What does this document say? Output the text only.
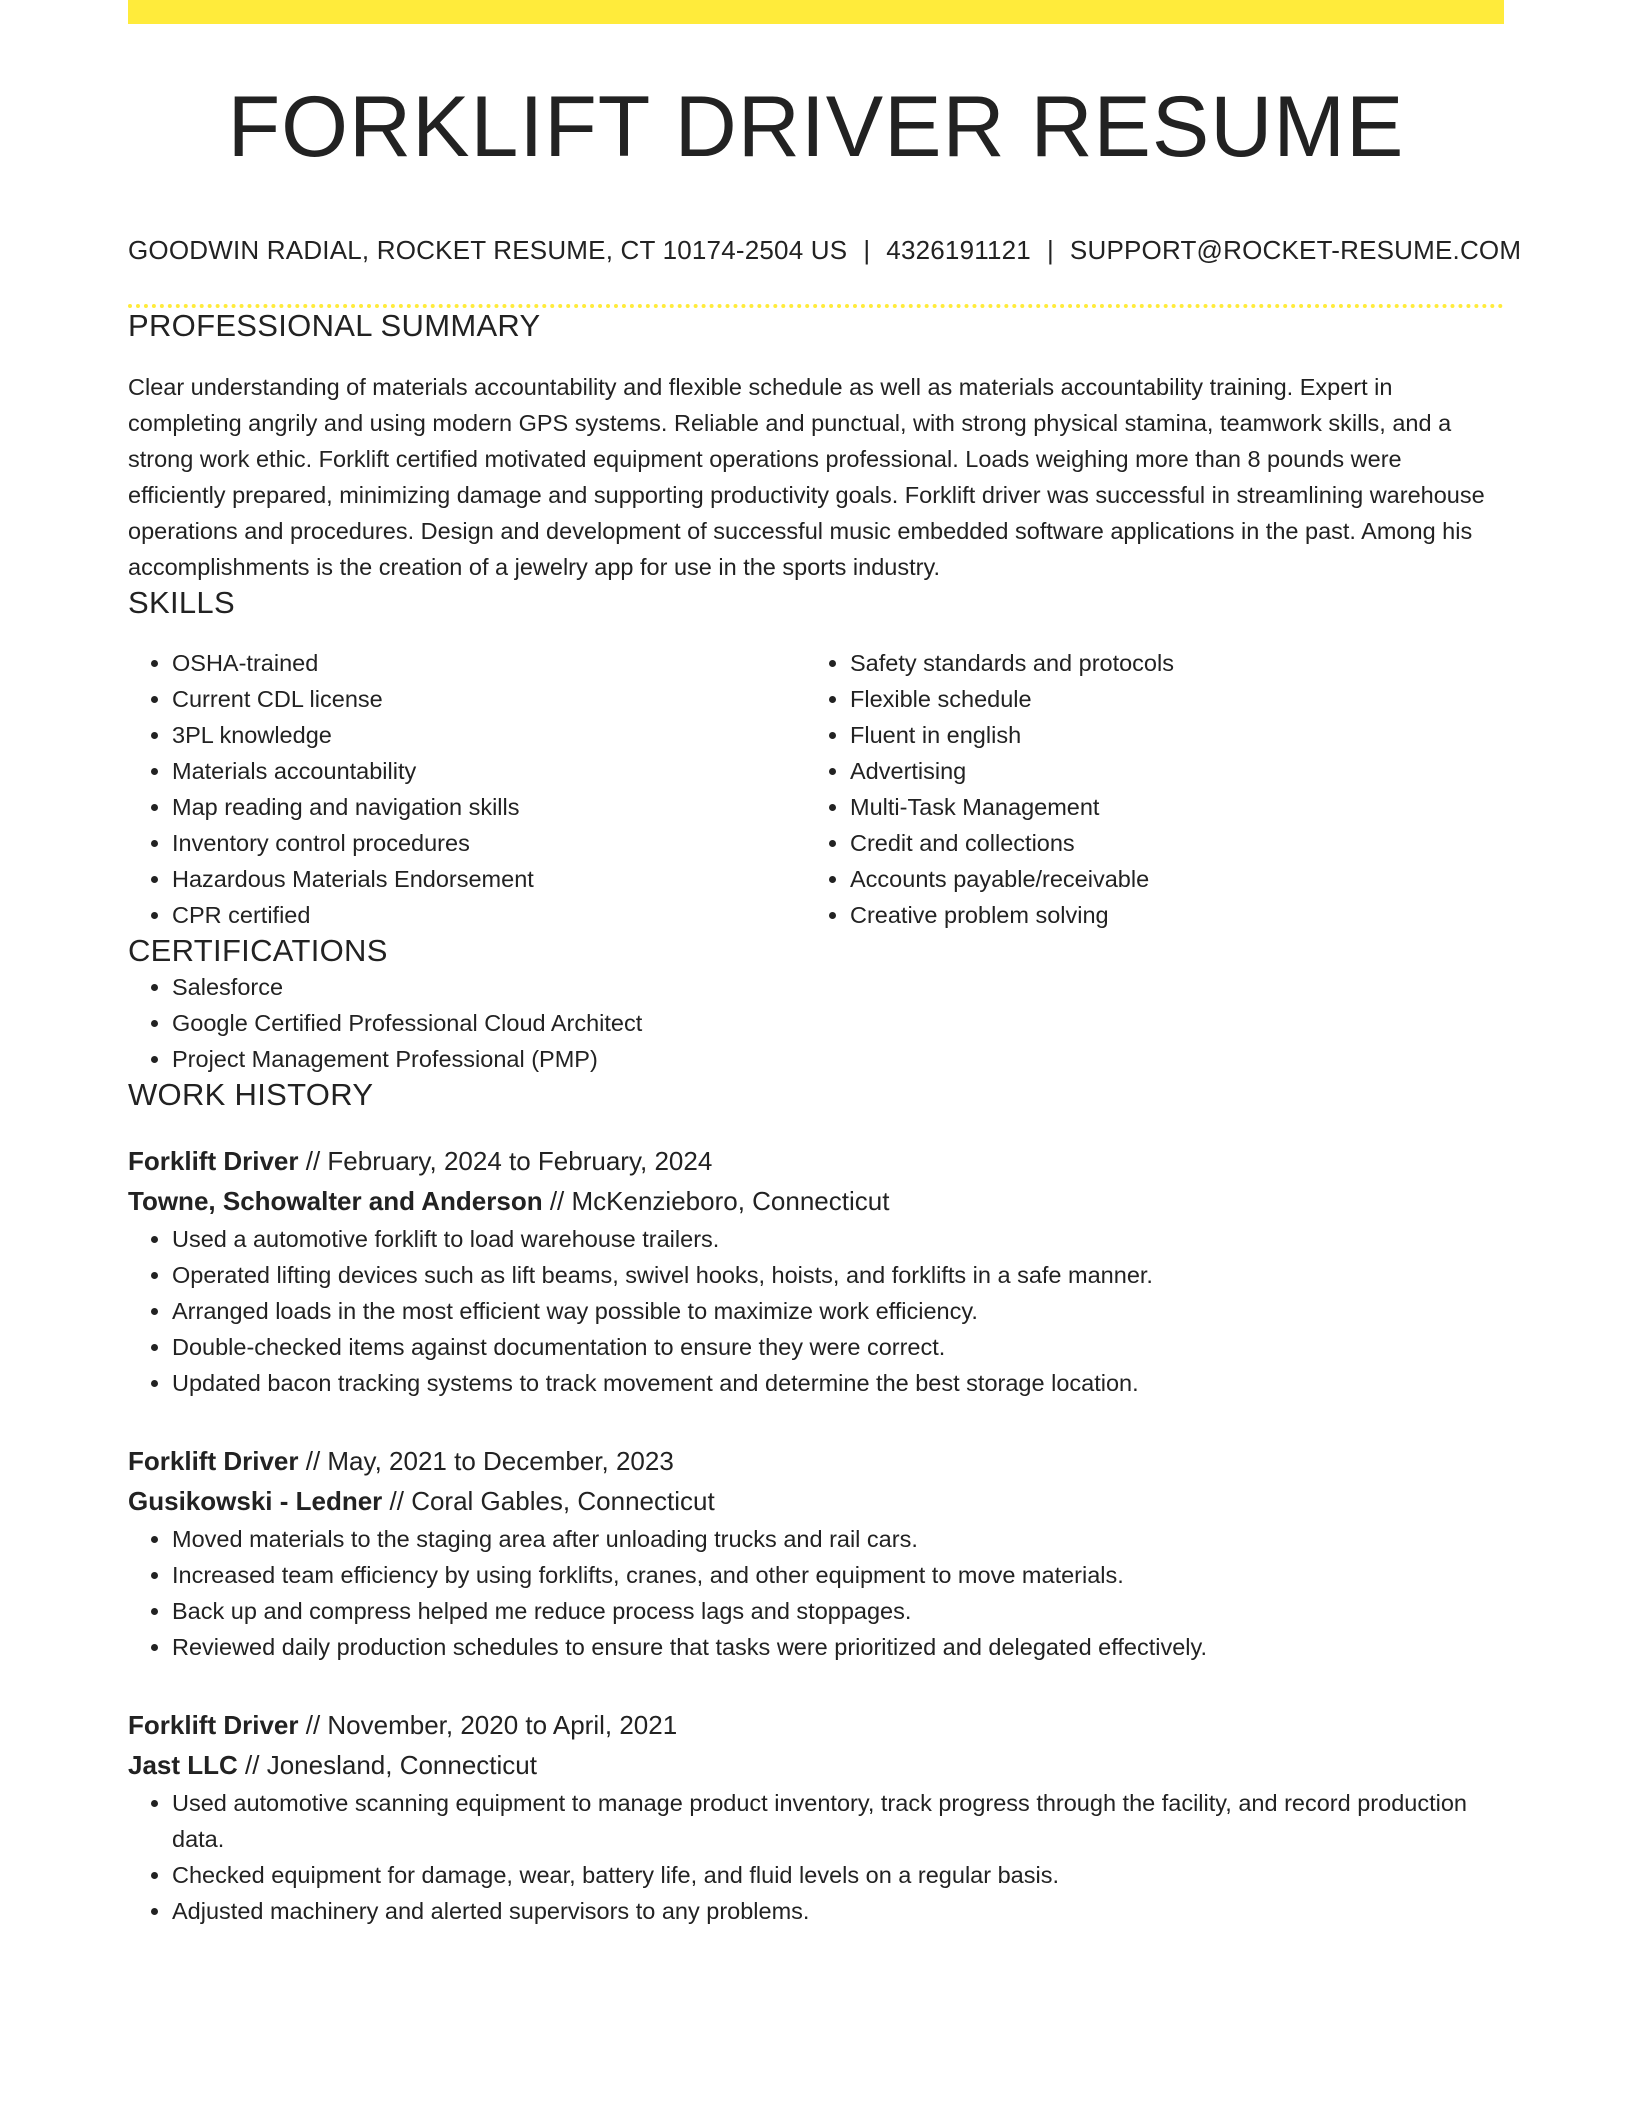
FORKLIFT DRIVER RESUME
GOODWIN RADIAL, ROCKET RESUME, CT 10174-2504 US | 4326191121 | SUPPORT@ROCKET-RESUME.COM
PROFESSIONAL SUMMARY
Clear understanding of materials accountability and flexible schedule as well as materials accountability training. Expert in completing angrily and using modern GPS systems. Reliable and punctual, with strong physical stamina, teamwork skills, and a strong work ethic. Forklift certified motivated equipment operations professional. Loads weighing more than 8 pounds were efficiently prepared, minimizing damage and supporting productivity goals. Forklift driver was successful in streamlining warehouse operations and procedures. Design and development of successful music embedded software applications in the past. Among his accomplishments is the creation of a jewelry app for use in the sports industry.
SKILLS
• OSHA-trained
• Current CDL license
• 3PL knowledge
• Materials accountability
• Map reading and navigation skills
• Inventory control procedures
• Hazardous Materials Endorsement
• CPR certified
• Safety standards and protocols
• Flexible schedule
• Fluent in english
• Advertising
• Multi-Task Management
• Credit and collections
• Accounts payable/receivable
• Creative problem solving
CERTIFICATIONS
• Salesforce
• Google Certified Professional Cloud Architect
• Project Management Professional (PMP)
WORK HISTORY
Forklift Driver // February, 2024 to February, 2024
Towne, Schowalter and Anderson // McKenzieboro, Connecticut
• Used a automotive forklift to load warehouse trailers.
• Operated lifting devices such as lift beams, swivel hooks, hoists, and forklifts in a safe manner.
• Arranged loads in the most efficient way possible to maximize work efficiency.
• Double-checked items against documentation to ensure they were correct.
• Updated bacon tracking systems to track movement and determine the best storage location.
Forklift Driver // May, 2021 to December, 2023
Gusikowski - Ledner // Coral Gables, Connecticut
• Moved materials to the staging area after unloading trucks and rail cars.
• Increased team efficiency by using forklifts, cranes, and other equipment to move materials.
• Back up and compress helped me reduce process lags and stoppages.
• Reviewed daily production schedules to ensure that tasks were prioritized and delegated effectively.
Forklift Driver // November, 2020 to April, 2021
Jast LLC // Jonesland, Connecticut
• Used automotive scanning equipment to manage product inventory, track progress through the facility, and record production data.
• Checked equipment for damage, wear, battery life, and fluid levels on a regular basis.
• Adjusted machinery and alerted supervisors to any problems.
